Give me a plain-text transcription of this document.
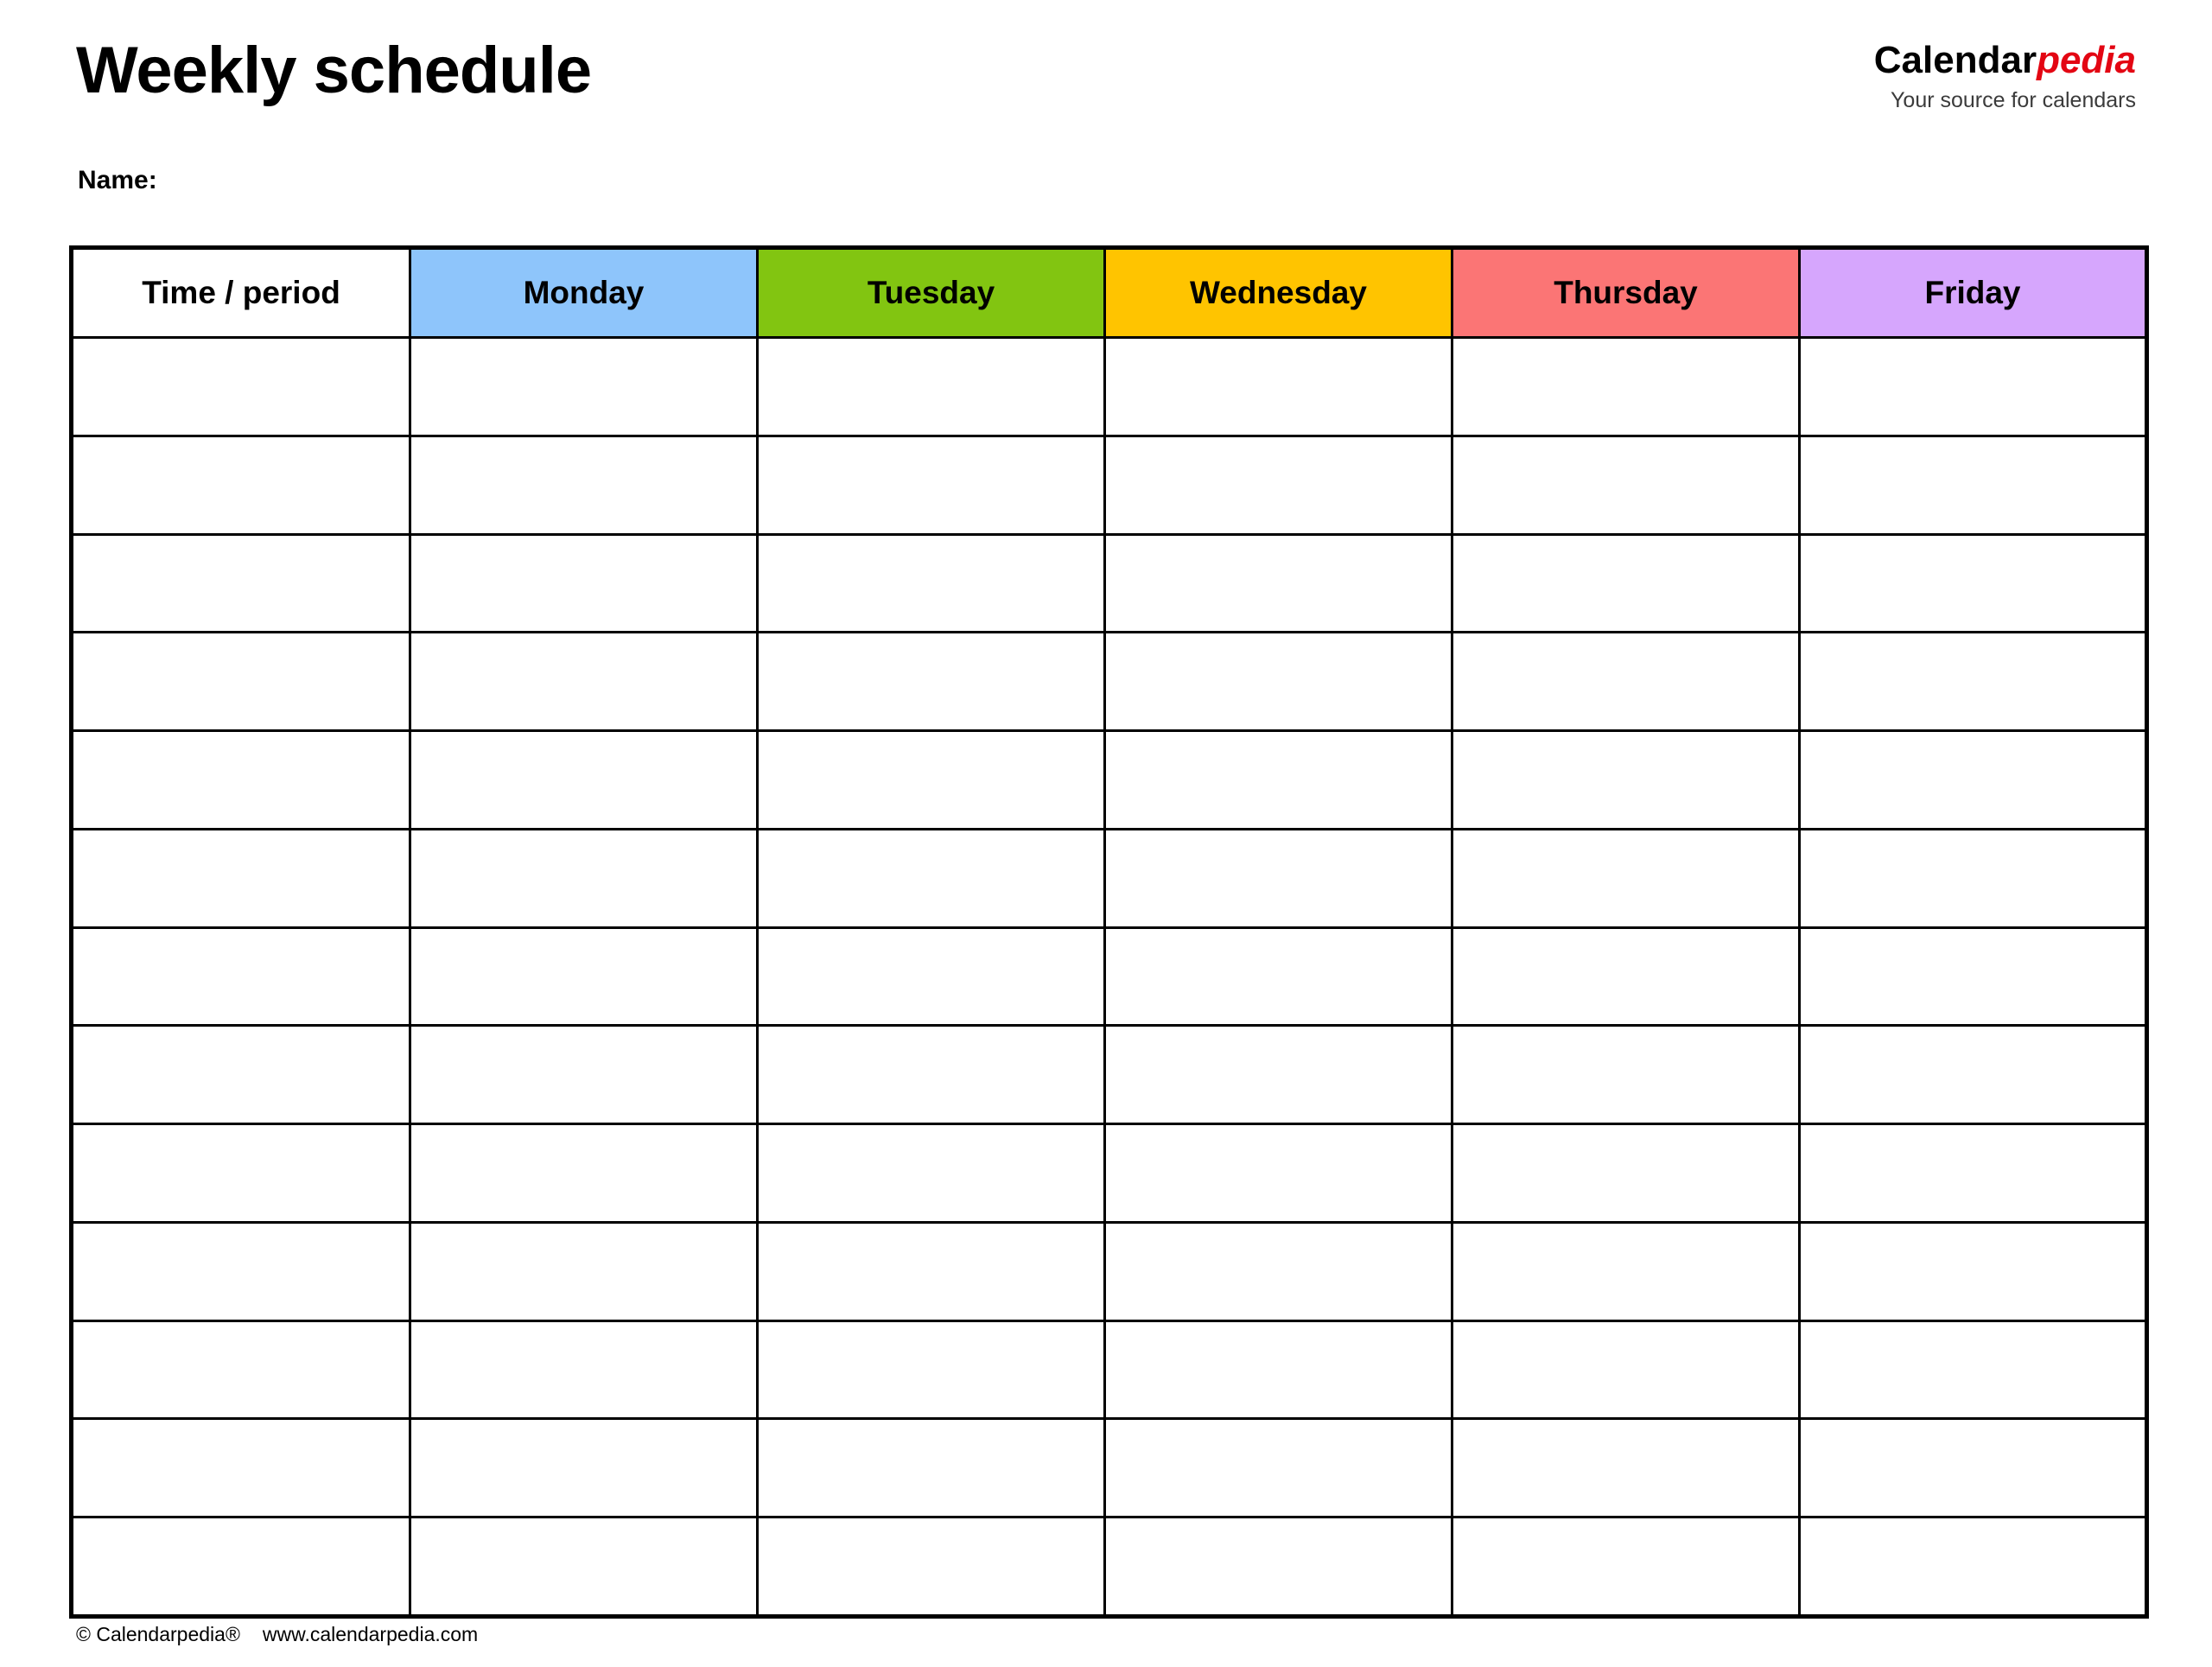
Weekly schedule
Name:
Calendarpedia
Your source for calendars
Time / period	Monday	Tuesday	Wednesday	Thursday	Friday

© Calendarpedia® www.calendarpedia.com
